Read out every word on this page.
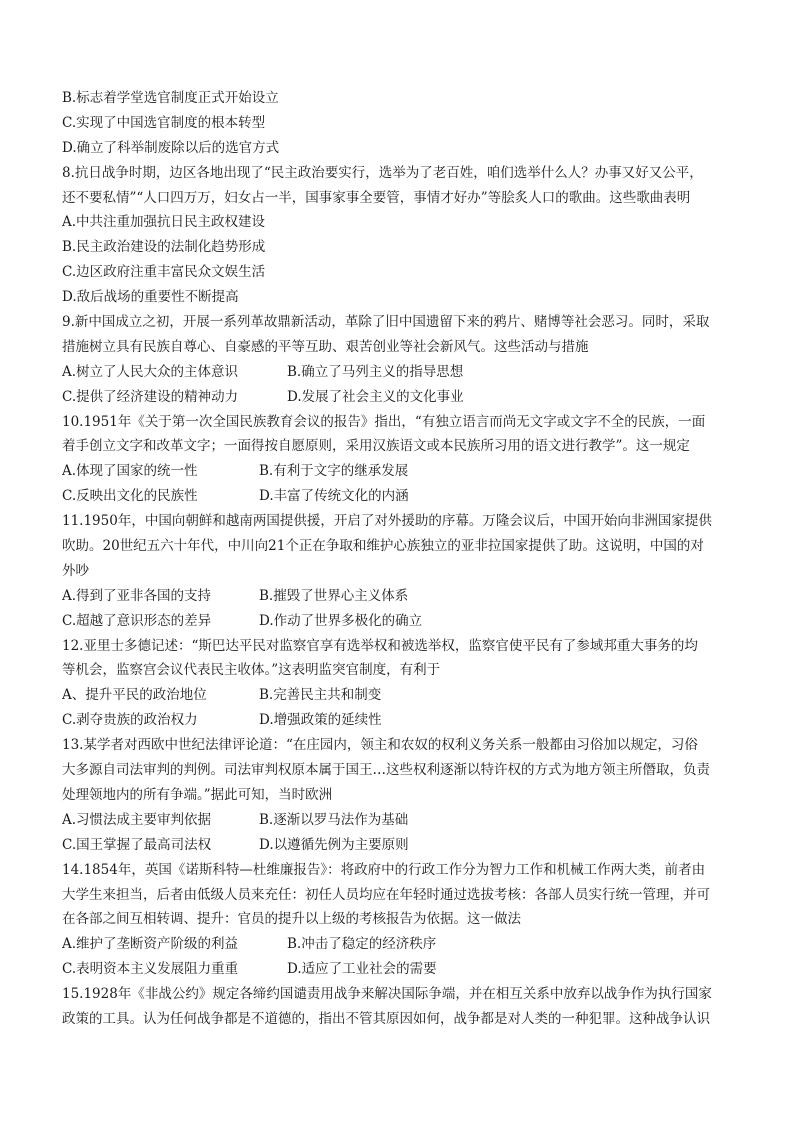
B.标志着学堂选官制度正式开始设立
C.实现了中国选官制度的根本转型
D.确立了科举制废除以后的选官方式
8.抗日战争时期，边区各地出现了“民主政治要实行，选举为了老百姓，咱们选举什么人？办事又好又公平，
还不要私情”“人口四万万，妇女占一半，国事家事全要管，事情才好办”等脍炙人口的歌曲。这些歌曲表明
A.中共注重加强抗日民主政权建设
B.民主政治建设的法制化趋势形成
C.边区政府注重丰富民众文娱生活
D.敌后战场的重要性不断提高
9.新中国成立之初，开展一系列革故鼎新活动，革除了旧中国遗留下来的鸦片、赌博等社会恶习。同时，采取
措施树立具有民族自尊心、自豪感的平等互助、艰苦创业等社会新风气。这些活动与措施
A.树立了人民大众的主体意识	B.确立了马列主义的指导思想
C.提供了经济建设的精神动力	D.发展了社会主义的文化事业
10.1951年《关于第一次全国民族教育会议的报告》指出，“有独立语言而尚无文字或文字不全的民族，一面
着手创立文字和改革文字；一面得按自愿原则，采用汉族语文或本民族所习用的语文进行教学”。这一规定
A.体现了国家的统一性	B.有利于文字的继承发展
C.反映出文化的民族性	D.丰富了传统文化的内涵
11.1950年，中国向朝鲜和越南两国提供援，开启了对外援助的序幕。万隆会议后，中国开始向非洲国家提供
吹助。20世纪五六十年代，中川向21个正在争取和维护心族独立的亚非拉国家提供了助。这说明，中国的对
外吵
A.得到了亚非各国的支持	B.摧毁了世界心主义体系
C.超越了意识形态的差异	D.作动了世界多极化的确立
12.亚里士多德记述：“斯巴达平民对监察官享有选举权和被选举权，监察官使平民有了参域邦重大事务的均
等机会，监察宫会议代表民主收体。”这表明监突官制度，有利于
A、提升平民的政治地位	B.完善民主共和制变
C.剥夺贵族的政治权力	D.增强政策的延续性
13.某学者对西欧中世纪法律评论道：“在庄园内，领主和农奴的权利义务关系一般都由习俗加以规定，习俗
大多源自司法审判的判例。司法审判权原本属于国王…这些权利逐渐以特许权的方式为地方领主所僭取，负责
处理领地内的所有争端。”据此可知，当时欧洲
A.习惯法成主要审判依据	B.逐渐以罗马法作为基础
C.国王掌握了最高司法权	D.以遵循先例为主要原则
14.1854年，英国《诺斯科特—杜维廉报告》：将政府中的行政工作分为智力工作和机械工作两大类，前者由
大学生来担当，后者由低级人员来充任：初任人员均应在年轻时通过选拔考核：各部人员实行统一管理，并可
在各部之间互相转调、提升：官员的提升以上级的考核报告为依据。这一做法
A.维护了垄断资产阶级的利益	B.冲击了稳定的经济秩序
C.表明资本主义发展阻力重重	D.适应了工业社会的需要
15.1928年《非战公约》规定各缔约国谴责用战争来解决国际争端，并在相互关系中放弃以战争作为执行国家
政策的工具。认为任何战争都是不道德的，指出不管其原因如何，战争都是对人类的一种犯罪。这种战争认识
